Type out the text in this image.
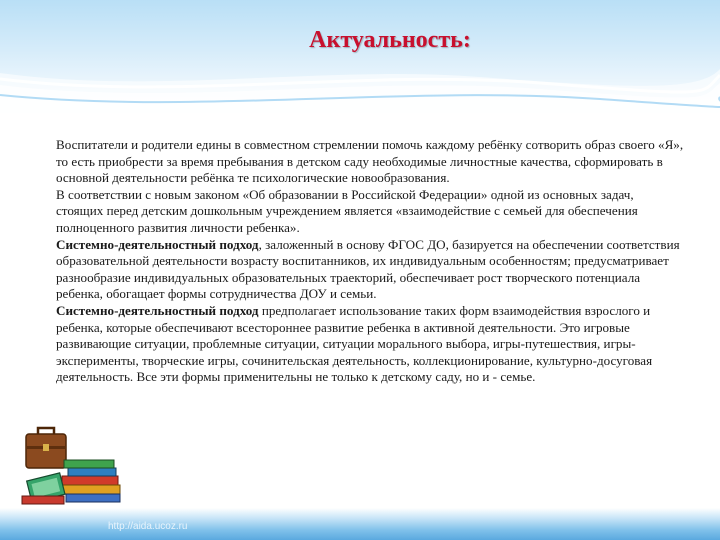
Актуальность:

Воспитатели и родители едины в совместном стремлении помочь каждому ребёнку сотворить образ своего «Я», то есть приобрести за время пребывания в детском саду необходимые личностные качества, сформировать в основной деятельности ребёнка те психологические новообразования.

В соответствии с новым законом «Об образовании в Российской Федерации» одной из основных задач, стоящих перед детским дошкольным учреждением является «взаимодействие с семьей для обеспечения полноценного развития личности ребенка».

Системно-деятельностный подход, заложенный в основу ФГОС ДО, базируется на обеспечении соответствия образовательной деятельности возрасту воспитанников, их индивидуальным особенностям; предусматривает разнообразие индивидуальных образовательных траекторий, обеспечивает рост творческого потенциала ребенка, обогащает формы сотрудничества ДОУ и семьи.

Системно-деятельностный подход предполагает использование таких форм взаимодействия взрослого и ребенка, которые обеспечивают всестороннее развитие ребенка в активной деятельности. Это игровые развивающие ситуации, проблемные ситуации, ситуации морального выбора, игры-путешествия, игры-эксперименты, творческие игры, сочинительская деятельность, коллекционирование, культурно-досуговая деятельность. Все эти формы применительны не только к детскому саду, но и - семье.

http://aida.ucoz.ru
